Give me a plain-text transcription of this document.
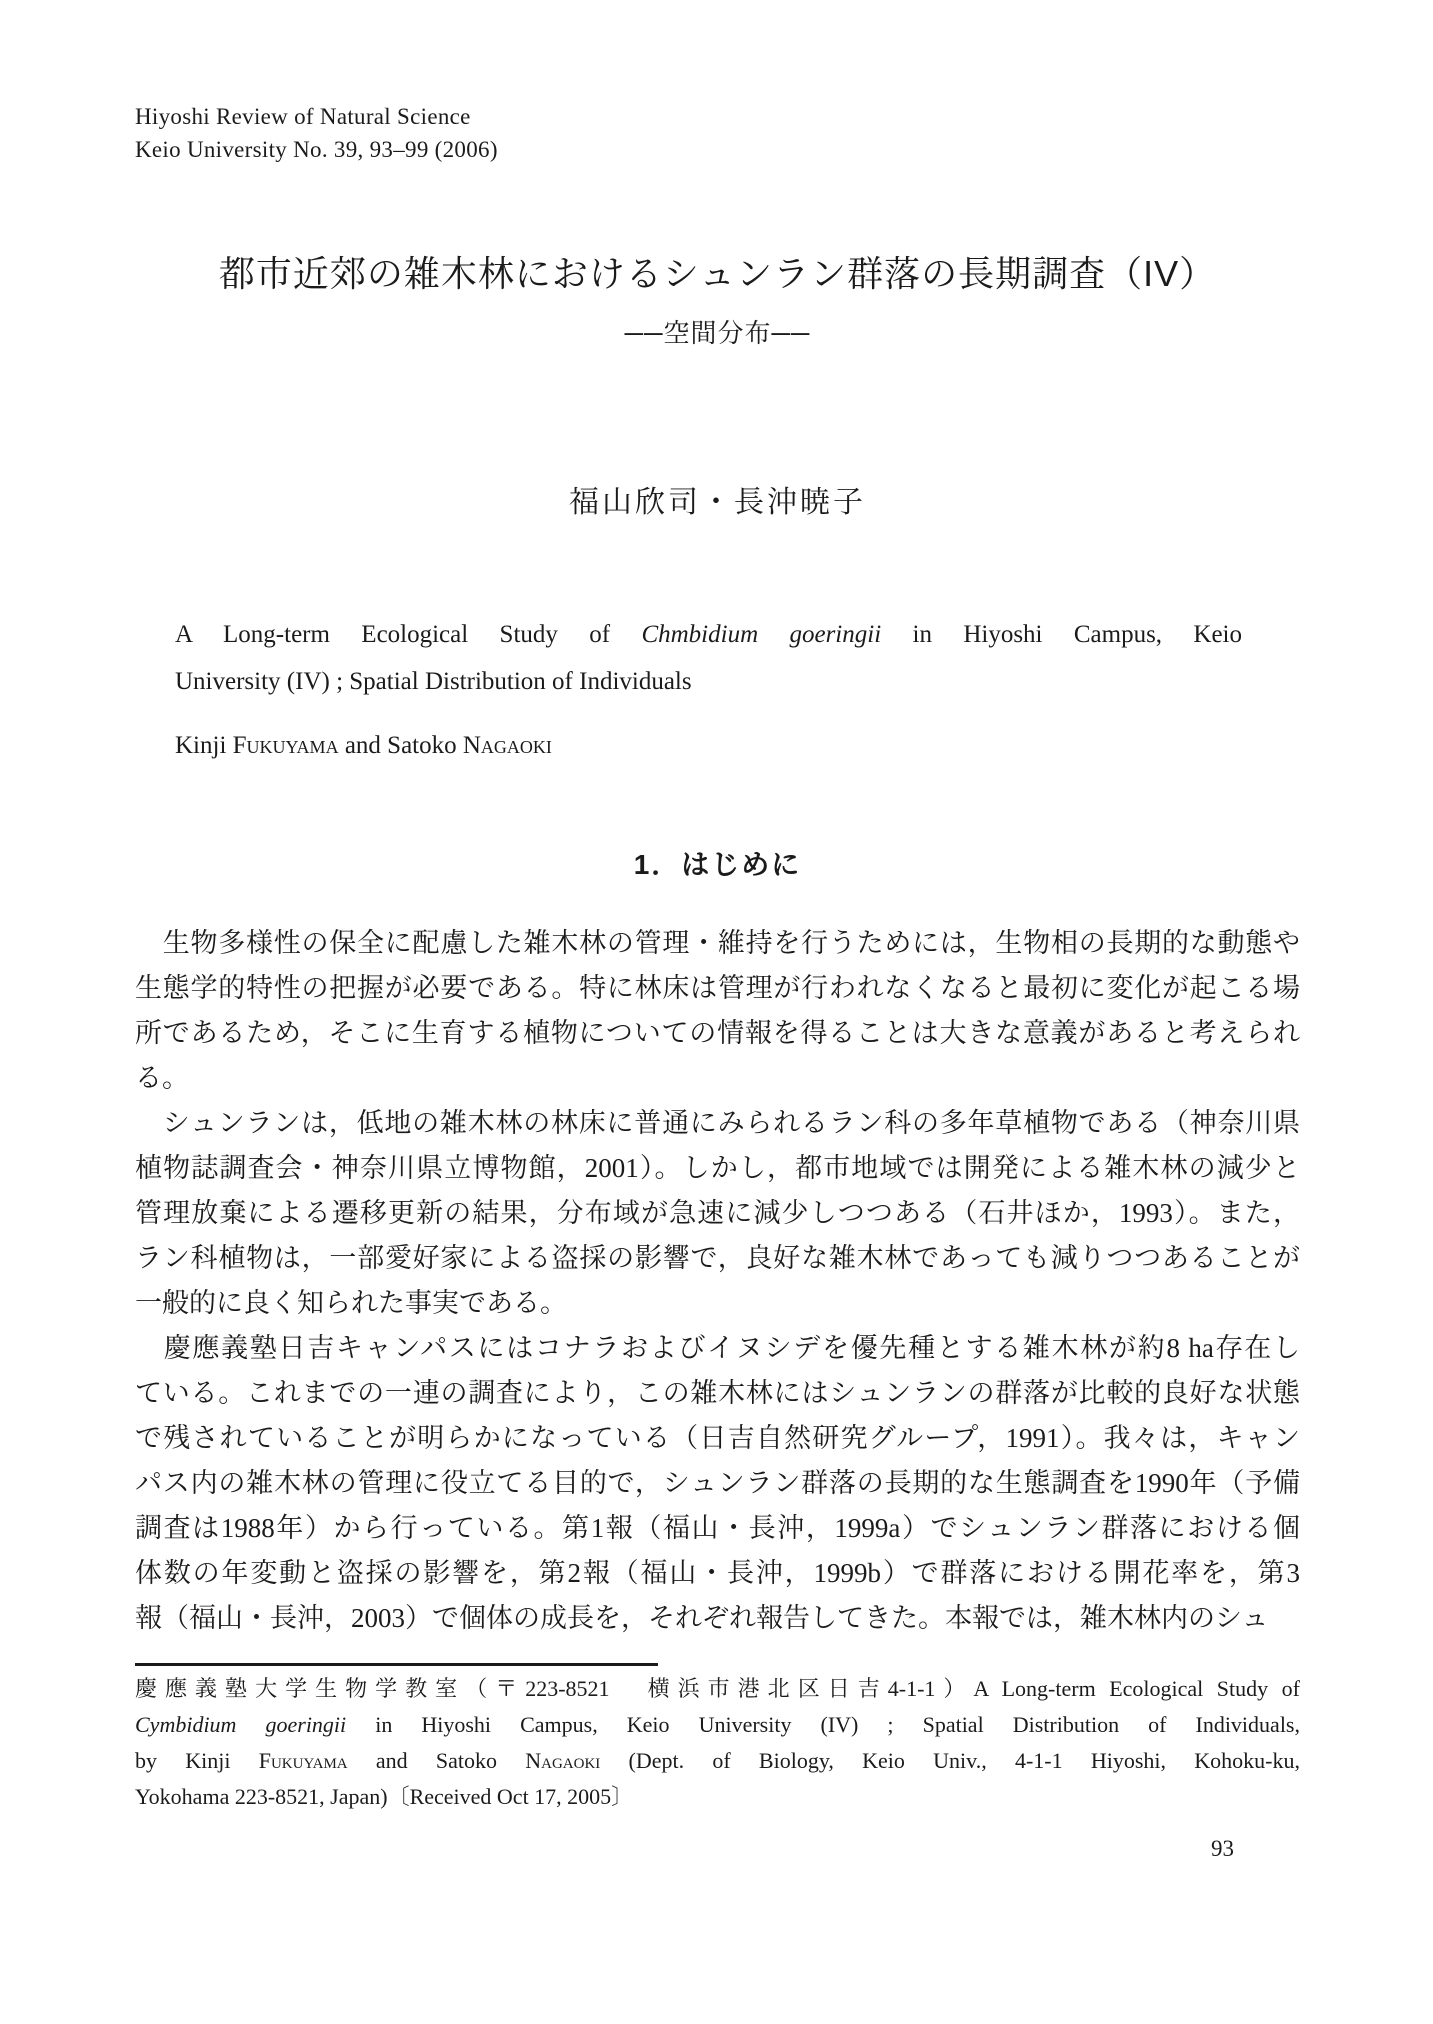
Hiyoshi Review of Natural Science
Keio University No. 39, 93–99 (2006)
都市近郊の雑木林におけるシュンラン群落の長期調査（IV）
──空間分布──
福山欣司・長沖暁子
A Long-term Ecological Study of Chmbidium goeringii in Hiyoshi Campus, Keio
University (IV) ; Spatial Distribution of Individuals
Kinji Fukuyama and Satoko Nagaoki
1．はじめに
　生物多様性の保全に配慮した雑木林の管理・維持を行うためには，生物相の長期的な動態や
生態学的特性の把握が必要である。特に林床は管理が行われなくなると最初に変化が起こる場
所であるため，そこに生育する植物についての情報を得ることは大きな意義があると考えられ
る。
　シュンランは，低地の雑木林の林床に普通にみられるラン科の多年草植物である（神奈川県
植物誌調査会・神奈川県立博物館，2001）。しかし，都市地域では開発による雑木林の減少と
管理放棄による遷移更新の結果，分布域が急速に減少しつつある（石井ほか，1993）。また，
ラン科植物は，一部愛好家による盗採の影響で，良好な雑木林であっても減りつつあることが
一般的に良く知られた事実である。
　慶應義塾日吉キャンパスにはコナラおよびイヌシデを優先種とする雑木林が約8 ha存在し
ている。これまでの一連の調査により，この雑木林にはシュンランの群落が比較的良好な状態
で残されていることが明らかになっている（日吉自然研究グループ，1991）。我々は，キャン
パス内の雑木林の管理に役立てる目的で，シュンラン群落の長期的な生態調査を1990年（予備
調査は1988年）から行っている。第1報（福山・長沖，1999a）でシュンラン群落における個
体数の年変動と盗採の影響を，第2報（福山・長沖，1999b）で群落における開花率を，第3
報（福山・長沖，2003）で個体の成長を，それぞれ報告してきた。本報では，雑木林内のシュ
慶應義塾大学生物学教室（〒223-8521　横浜市港北区日吉4-1-1）A Long-term Ecological Study of
Cymbidium goeringii in Hiyoshi Campus, Keio University (IV) ; Spatial Distribution of Individuals,
by Kinji Fukuyama and Satoko Nagaoki (Dept. of Biology, Keio Univ., 4-1-1 Hiyoshi, Kohoku-ku,
Yokohama 223-8521, Japan)〔Received Oct 17, 2005〕
93
